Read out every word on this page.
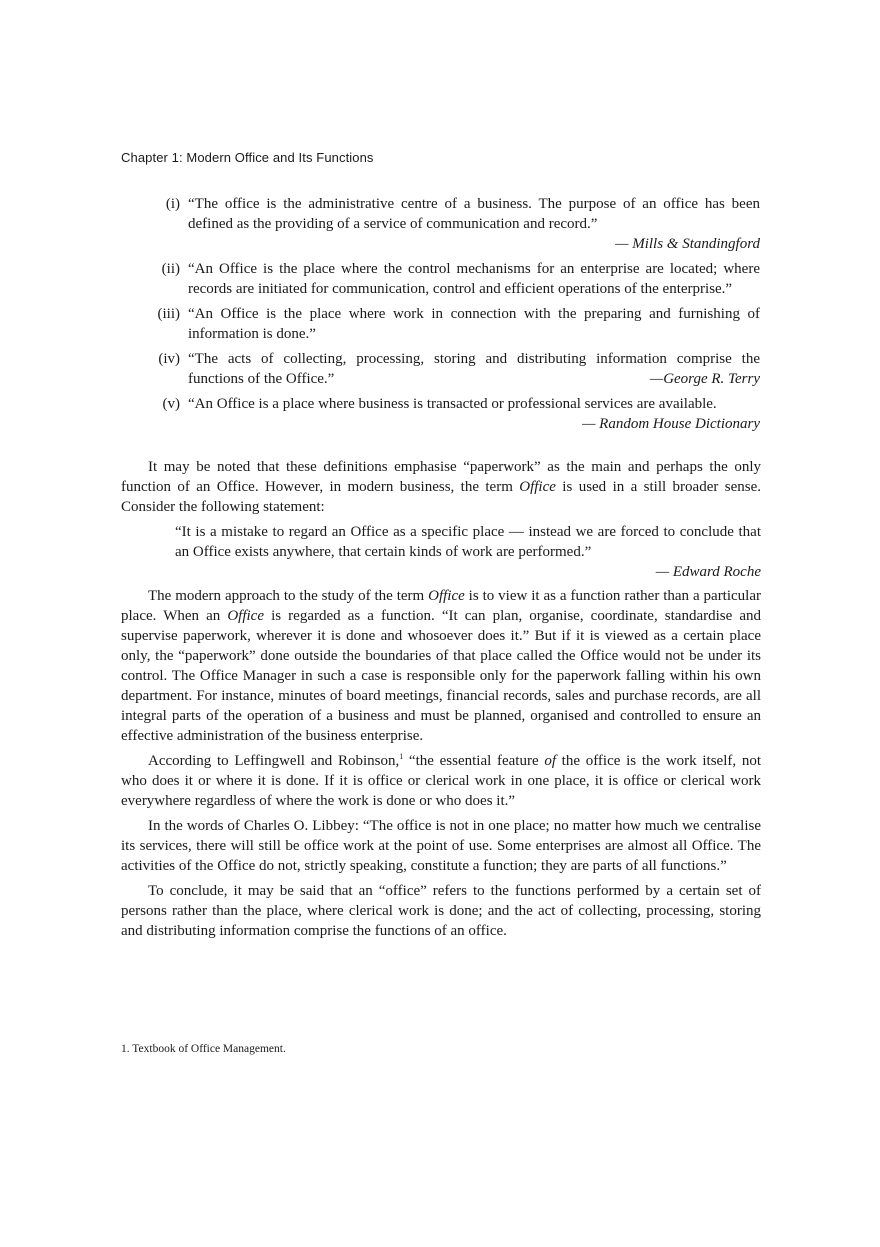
Chapter 1: Modern Office and Its Functions
(i) “The office is the administrative centre of a business. The purpose of an office has been defined as the providing of a service of communication and record.”
— Mills & Standingford
(ii) “An Office is the place where the control mechanisms for an enterprise are located; where records are initiated for communication, control and efficient operations of the enterprise.”
(iii) “An Office is the place where work in connection with the preparing and furnishing of information is done.”
(iv) “The acts of collecting, processing, storing and distributing information comprise the
functions of the Office.”	—George R. Terry
(v) “An Office is a place where business is transacted or professional services are available.
— Random House Dictionary

It may be noted that these definitions emphasise “paperwork” as the main and perhaps the only function of an Office. However, in modern business, the term Office is used in a still broader sense. Consider the following statement:

“It is a mistake to regard an Office as a specific place — instead we are forced to conclude that an Office exists anywhere, that certain kinds of work are performed.”
— Edward Roche

The modern approach to the study of the term Office is to view it as a function rather than a particular place. When an Office is regarded as a function. “It can plan, organise, coordinate, standardise and supervise paperwork, wherever it is done and whosoever does it.” But if it is viewed as a certain place only, the “paperwork” done outside the boundaries of that place called the Office would not be under its control. The Office Manager in such a case is responsible only for the paperwork falling within his own department. For instance, minutes of board meetings, financial records, sales and purchase records, are all integral parts of the operation of a business and must be planned, organised and controlled to ensure an effective administration of the business enterprise.

According to Leffingwell and Robinson,$^1$ “the essential feature of the office is the work itself, not who does it or where it is done. If it is office or clerical work in one place, it is office or clerical work everywhere regardless of where the work is done or who does it.”

In the words of Charles O. Libbey: “The office is not in one place; no matter how much we centralise its services, there will still be office work at the point of use. Some enterprises are almost all Office. The activities of the Office do not, strictly speaking, constitute a function; they are parts of all functions.”

To conclude, it may be said that an “office” refers to the functions performed by a certain set of persons rather than the place, where clerical work is done; and the act of collecting, processing, storing and distributing information comprise the functions of an office.

1. Textbook of Office Management.
